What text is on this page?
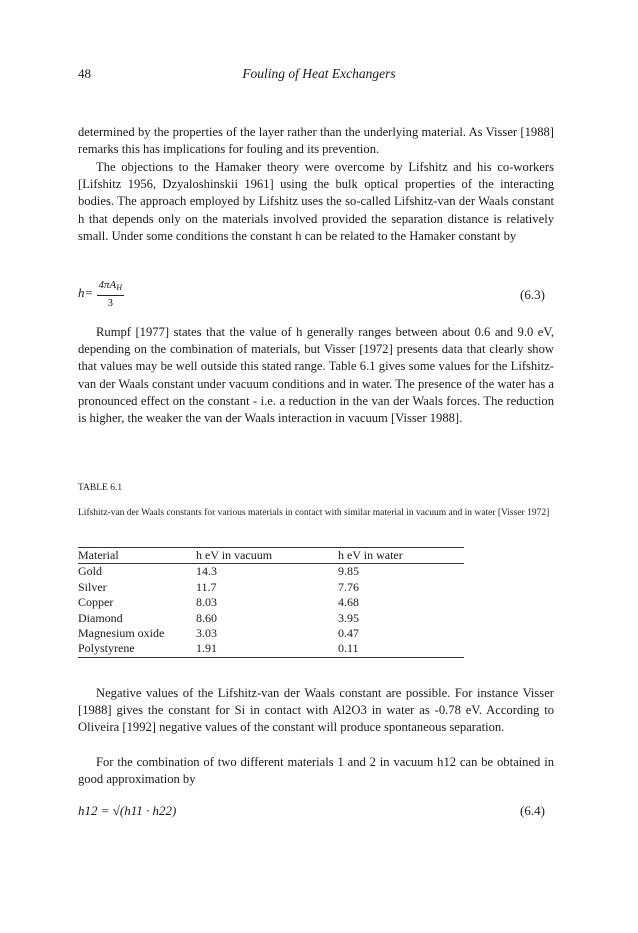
48	Fouling of Heat Exchangers

determined by the properties of the layer rather than the underlying material. As Visser [1988] remarks this has implications for fouling and its prevention.

The objections to the Hamaker theory were overcome by Lifshitz and his co-workers [Lifshitz 1956, Dzyaloshinskii 1961] using the bulk optical properties of the interacting bodies. The approach employed by Lifshitz uses the so-called Lifshitz-van der Waals constant h that depends only on the materials involved provided the separation distance is relatively small. Under some conditions the constant h can be related to the Hamaker constant by

$h= \frac{4\pi A_H}{3}$	(6.3)

Rumpf [1977] states that the value of h generally ranges between about 0.6 and 9.0 eV, depending on the combination of materials, but Visser [1972] presents data that clearly show that values may be well outside this stated range. Table 6.1 gives some values for the Lifshitz-van der Waals constant under vacuum conditions and in water. The presence of the water has a pronounced effect on the constant - i.e. a reduction in the van der Waals forces. The reduction is higher, the weaker the van der Waals interaction in vacuum [Visser 1988].

TABLE 6.1

Lifshitz-van der Waals constants for various materials in contact with similar material in vacuum and in water [Visser 1972]

Material	h eV in vacuum	h eV in water
Gold	14.3	9.85
Silver	11.7	7.76
Copper	8.03	4.68
Diamond	8.60	3.95
Magnesium oxide	3.03	0.47
Polystyrene	1.91	0.11

Negative values of the Lifshitz-van der Waals constant are possible. For instance Visser [1988] gives the constant for Si in contact with Al2O3 in water as -0.78 eV. According to Oliveira [1992] negative values of the constant will produce spontaneous separation.

For the combination of two different materials 1 and 2 in vacuum h12 can be obtained in good approximation by

h12 = √(h11 · h22)	(6.4)
